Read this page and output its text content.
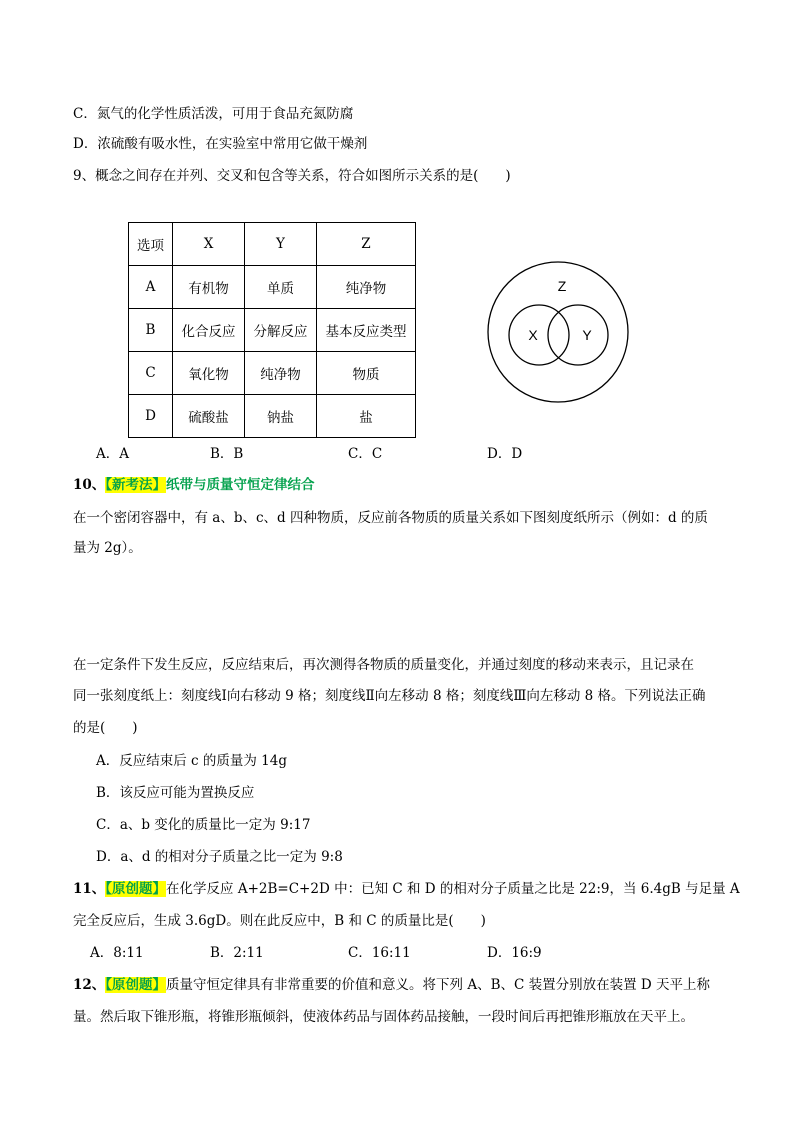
C．氮气的化学性质活泼，可用于食品充氮防腐
D．浓硫酸有吸水性，在实验室中常用它做干燥剂
9、概念之间存在并列、交叉和包含等关系，符合如图所示关系的是(　　)
选项	X	Y	Z
A	有机物	单质	纯净物
B	化合反应	分解反应	基本反应类型
C	氧化物	纯净物	物质
D	硫酸盐	钠盐	盐
Z
X	Y
A．A	B．B	C．C	D．D
10、【新考法】纸带与质量守恒定律结合
在一个密闭容器中，有 a、b、c、d 四种物质，反应前各物质的质量关系如下图刻度纸所示（例如：d 的质
量为 2g）。
在一定条件下发生反应，反应结束后，再次测得各物质的质量变化，并通过刻度的移动来表示，且记录在
同一张刻度纸上：刻度线Ⅰ向右移动 9 格；刻度线Ⅱ向左移动 8 格；刻度线Ⅲ向左移动 8 格。下列说法正确
的是(　　)
A．反应结束后 c 的质量为 14g
B．该反应可能为置换反应
C．a、b 变化的质量比一定为 9:17
D．a、d 的相对分子质量之比一定为 9:8
11、【原创题】在化学反应 A+2B=C+2D 中：已知 C 和 D 的相对分子质量之比是 22:9，当 6.4gB 与足量 A
完全反应后，生成 3.6gD。则在此反应中，B 和 C 的质量比是(　　)
A．8:11	B．2:11	C．16:11	D．16:9
12、【原创题】质量守恒定律具有非常重要的价值和意义。将下列 A、B、C 装置分别放在装置 D 天平上称
量。然后取下锥形瓶，将锥形瓶倾斜，使液体药品与固体药品接触，一段时间后再把锥形瓶放在天平上。
